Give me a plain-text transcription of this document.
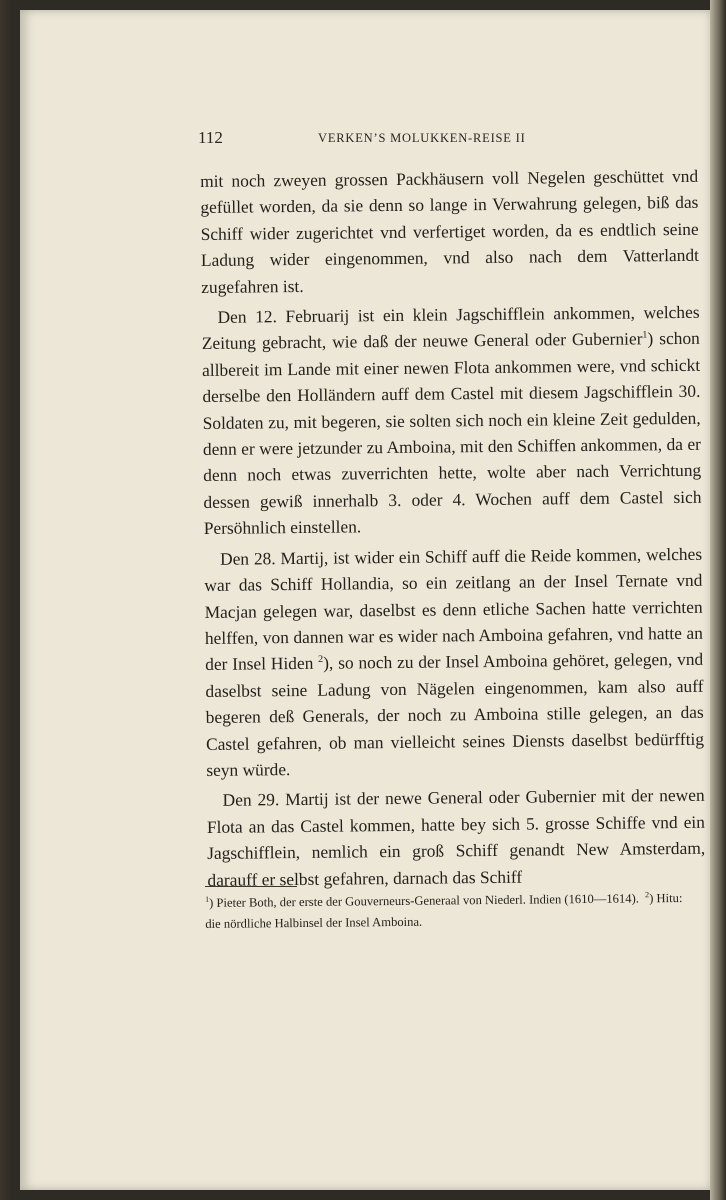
112	VERKEN’S MOLUKKEN-REISE II

mit noch zweyen grossen Packhäusern voll Negelen geschüttet vnd gefüllet worden, da sie denn so lange in Verwahrung gelegen, biß das Schiff wider zugerichtet vnd verfertiget worden, da es endtlich seine Ladung wider eingenommen, vnd also nach dem Vatterlandt zugefahren ist.

Den 12. Februarij ist ein klein Jagschifflein ankommen, welches Zeitung gebracht, wie daß der neuwe General oder Gubernier$^1$) schon allbereit im Lande mit einer newen Flota ankommen were, vnd schickt derselbe den Holländern auff dem Castel mit diesem Jagschifflein 30. Soldaten zu, mit begeren, sie solten sich noch ein kleine Zeit gedulden, denn er were jetzunder zu Amboina, mit den Schiffen ankommen, da er denn noch etwas zuverrichten hette, wolte aber nach Verrichtung dessen gewiß innerhalb 3. oder 4. Wochen auff dem Castel sich Persöhnlich einstellen.

Den 28. Martij, ist wider ein Schiff auff die Reide kommen, welches war das Schiff Hollandia, so ein zeitlang an der Insel Ternate vnd Macjan gelegen war, daselbst es denn etliche Sachen hatte verrichten helffen, von dannen war es wider nach Amboina gefahren, vnd hatte an der Insel Hiden $^2$), so noch zu der Insel Amboina gehöret, gelegen, vnd daselbst seine Ladung von Nägelen eingenommen, kam also auff begeren deß Generals, der noch zu Amboina stille gelegen, an das Castel gefahren, ob man vielleicht seines Diensts daselbst bedürfftig seyn würde.

Den 29. Martij ist der newe General oder Gubernier mit der newen Flota an das Castel kommen, hatte bey sich 5. grosse Schiffe vnd ein Jagschifflein, nemlich ein groß Schiff genandt New Amsterdam, darauff er selbst gefahren, darnach das Schiff

$^1$) Pieter Both, der erste der Gouverneurs-Generaal von Niederl. Indien (1610—1614). $^2$) Hitu: die nördliche Halbinsel der Insel Amboina.
